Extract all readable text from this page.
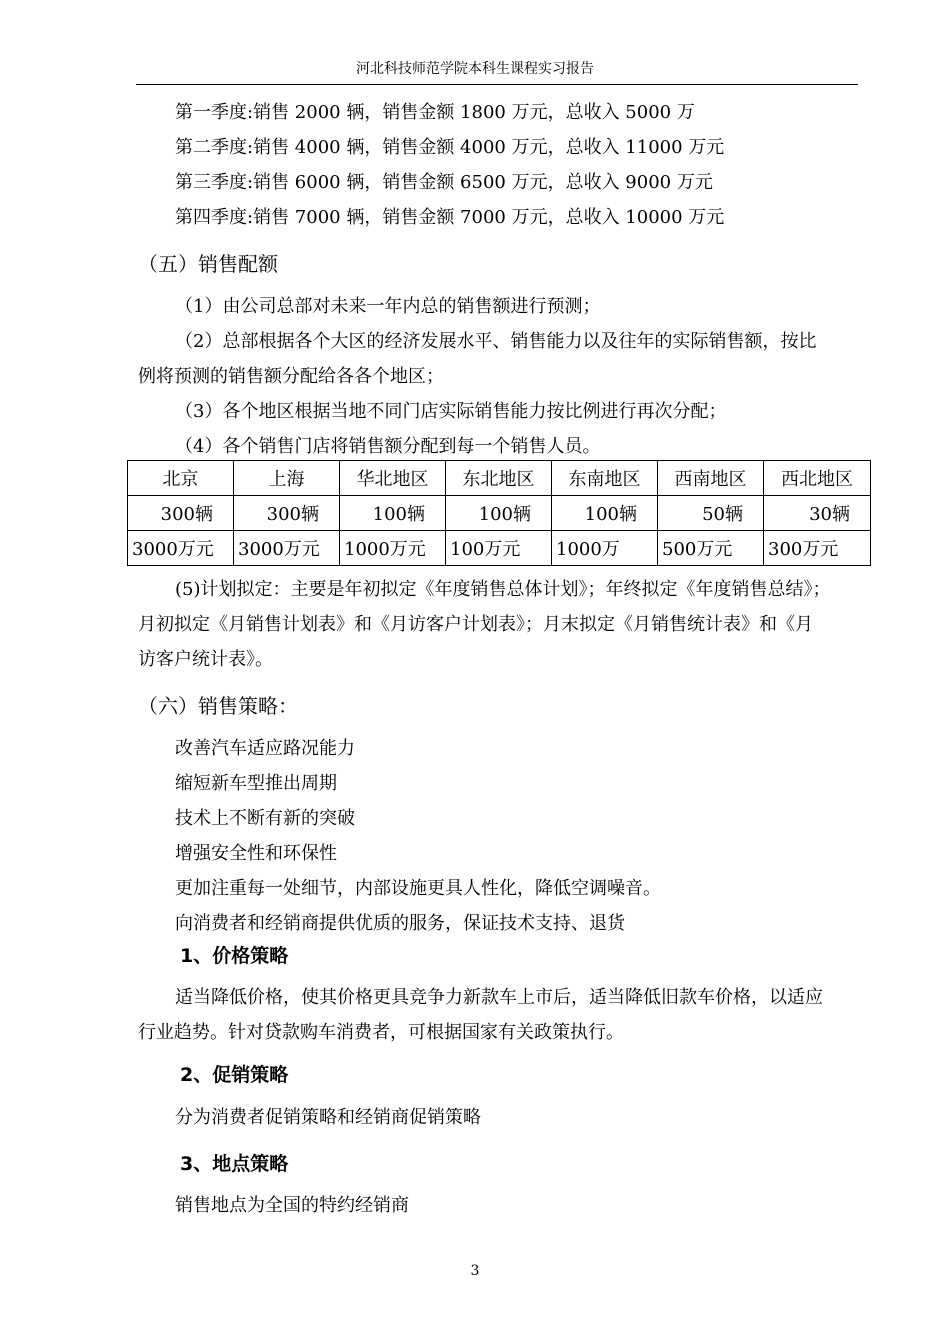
河北科技师范学院本科生课程实习报告
第一季度:销售 2000 辆，销售金额 1800 万元，总收入 5000 万
第二季度:销售 4000 辆，销售金额 4000 万元，总收入 11000 万元
第三季度:销售 6000 辆，销售金额 6500 万元，总收入 9000 万元
第四季度:销售 7000 辆，销售金额 7000 万元，总收入 10000 万元
（五）销售配额
（1）由公司总部对未来一年内总的销售额进行预测；
（2）总部根据各个大区的经济发展水平、销售能力以及往年的实际销售额，按比
例将预测的销售额分配给各各个地区；
（3）各个地区根据当地不同门店实际销售能力按比例进行再次分配；
（4）各个销售门店将销售额分配到每一个销售人员。
北京	上海	华北地区	东北地区	东南地区	西南地区	西北地区
300辆	300辆	100辆	100辆	100辆	50辆	30辆
3000万元	3000万元	1000万元	100万元	1000万	500万元	300万元
(5)计划拟定：主要是年初拟定《年度销售总体计划》；年终拟定《年度销售总结》；
月初拟定《月销售计划表》和《月访客户计划表》；月末拟定《月销售统计表》和《月
访客户统计表》。
（六）销售策略：
改善汽车适应路况能力
缩短新车型推出周期
技术上不断有新的突破
增强安全性和环保性
更加注重每一处细节，内部设施更具人性化，降低空调噪音。
向消费者和经销商提供优质的服务，保证技术支持、退货
1、价格策略
适当降低价格，使其价格更具竞争力新款车上市后，适当降低旧款车价格，以适应
行业趋势。针对贷款购车消费者，可根据国家有关政策执行。
2、促销策略
分为消费者促销策略和经销商促销策略
3、地点策略
销售地点为全国的特约经销商
3
